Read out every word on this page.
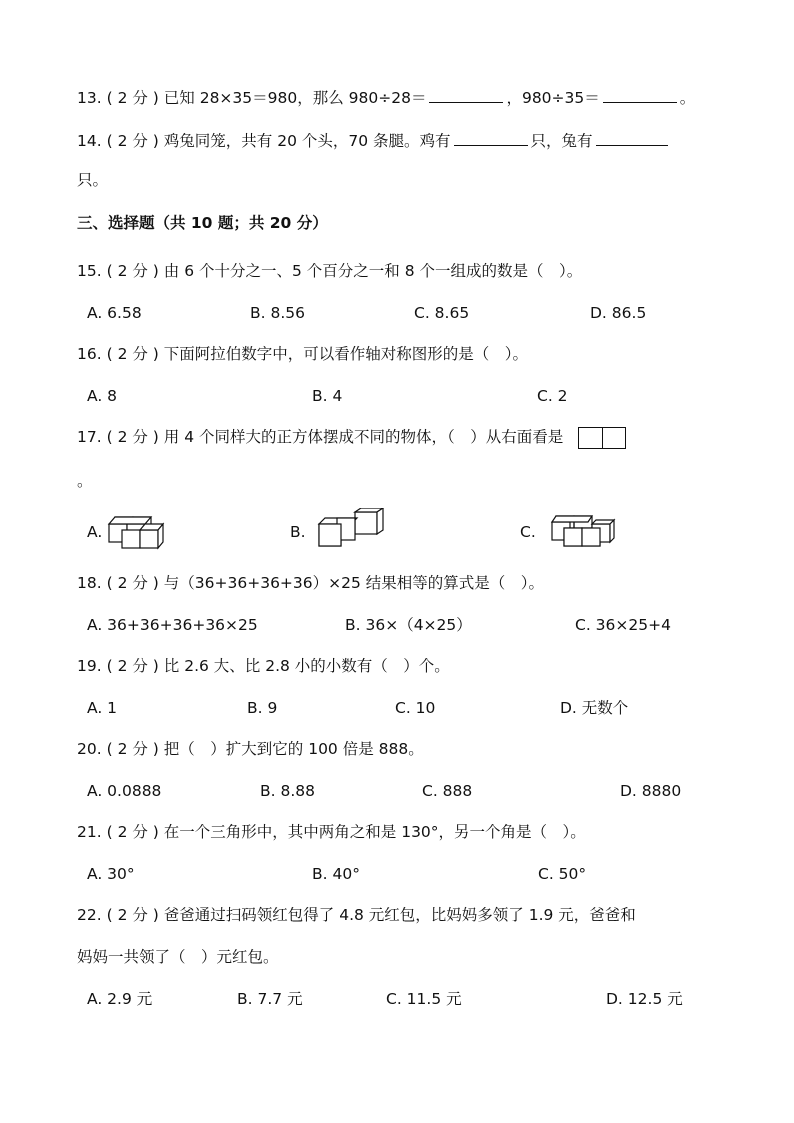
13. ( 2 分 ) 已知 28×35＝980，那么 980÷28＝	，980÷35＝	。
14. ( 2 分 ) 鸡兔同笼，共有 20 个头，70 条腿。鸡有	只，兔有
只。
三、选择题（共 10 题；共 20 分）
15. ( 2 分 ) 由 6 个十分之一、5 个百分之一和 8 个一组成的数是（　）。
A. 6.58	B. 8.56	C. 8.65	D. 86.5
16. ( 2 分 ) 下面阿拉伯数字中，可以看作轴对称图形的是（　）。
A. 8	B. 4	C. 2
17. ( 2 分 ) 用 4 个同样大的正方体摆成不同的物体，（　）从右面看是
。
A.	B.	C.
18. ( 2 分 ) 与（36+36+36+36）×25 结果相等的算式是（　）。
A. 36+36+36+36×25	B. 36×（4×25）	C. 36×25+4
19. ( 2 分 ) 比 2.6 大、比 2.8 小的小数有（　）个。
A. 1	B. 9	C. 10	D. 无数个
20. ( 2 分 ) 把（　）扩大到它的 100 倍是 888。
A. 0.0888	B. 8.88	C. 888	D. 8880
21. ( 2 分 ) 在一个三角形中，其中两角之和是 130°，另一个角是（　）。
A. 30°	B. 40°	C. 50°
22. ( 2 分 ) 爸爸通过扫码领红包得了 4.8 元红包，比妈妈多领了 1.9 元，爸爸和
妈妈一共领了（　）元红包。
A. 2.9 元	B. 7.7 元	C. 11.5 元	D. 12.5 元
